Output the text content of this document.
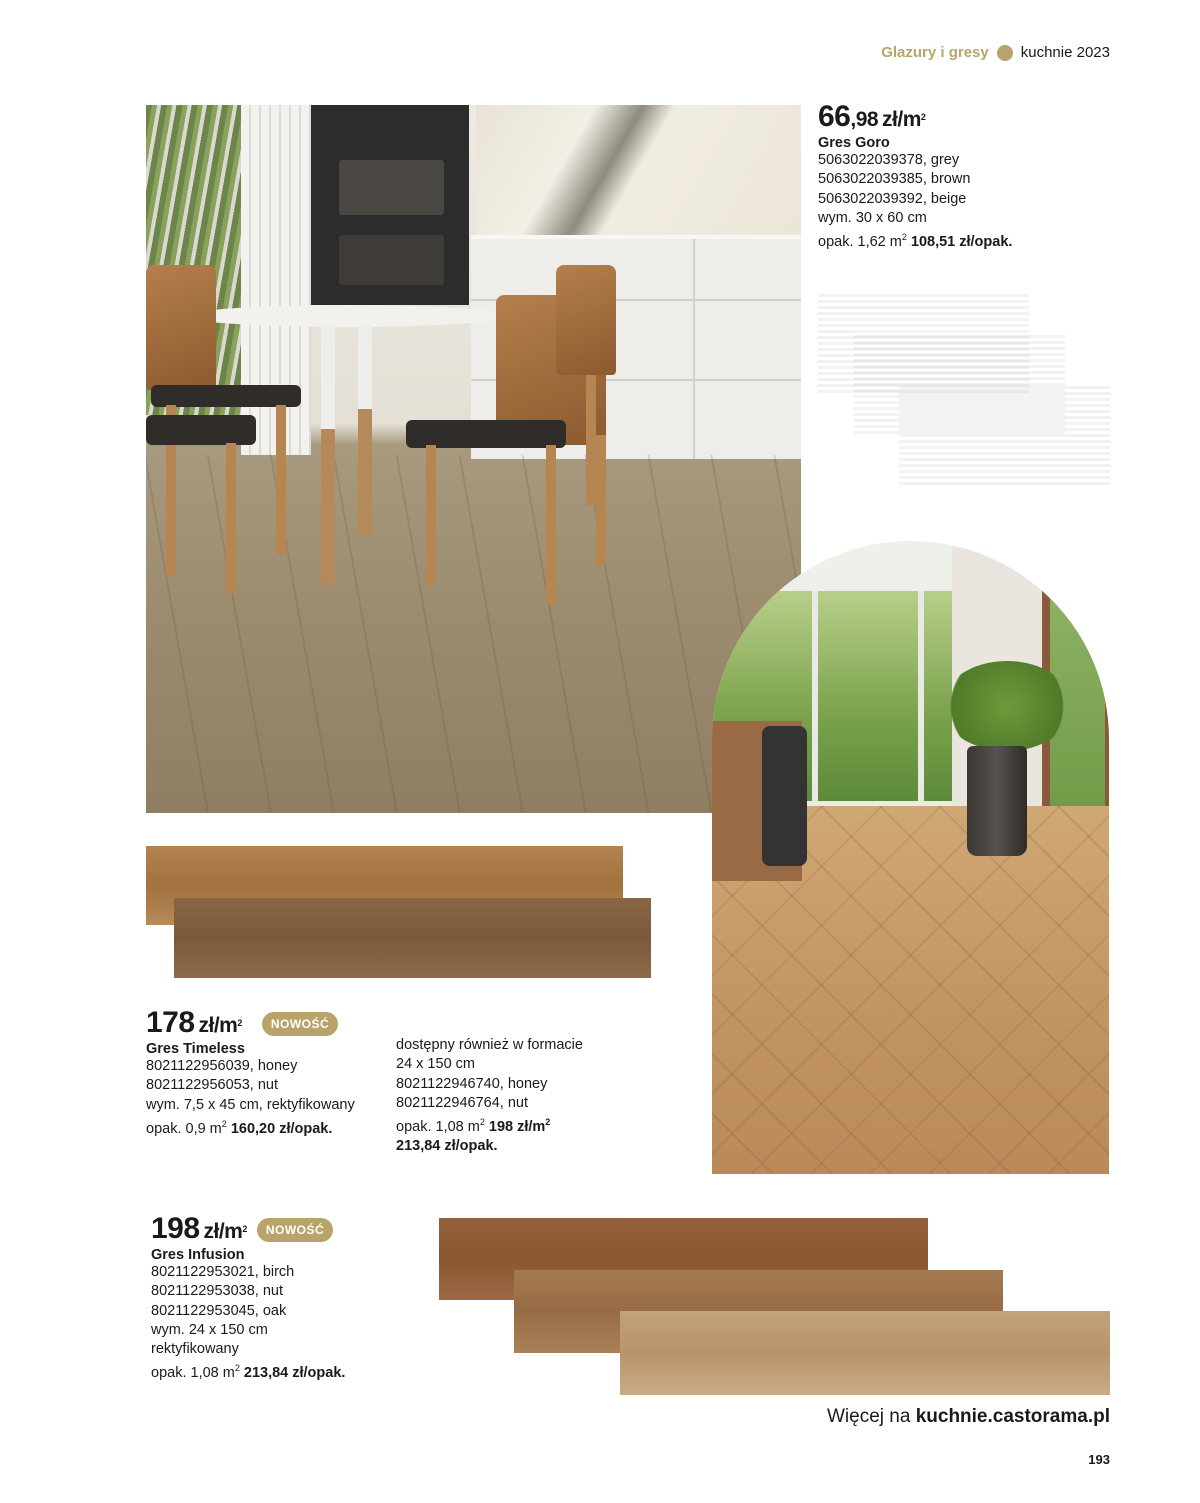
Glazury i gresy kuchnie 2023
66,98 $zł/m^2$
Gres Goro
5063022039378, grey
5063022039385, brown
5063022039392, beige
wym. 30 x 60 cm
opak. 1,62 $m^2$ 108,51 zł/opak.
178 $zł/m^2$ NOWOŚĆ
Gres Timeless
8021122956039, honey
8021122956053, nut
wym. 7,5 x 45 cm, rektyfikowany
opak. 0,9 $m^2$ 160,20 zł/opak.
dostępny również w formacie
24 x 150 cm
8021122946740, honey
8021122946764, nut
opak. 1,08 $m^2$ 198 $zł/m^2$
213,84 zł/opak.
198 $zł/m^2$ NOWOŚĆ
Gres Infusion
8021122953021, birch
8021122953038, nut
8021122953045, oak
wym. 24 x 150 cm
rektyfikowany
opak. 1,08 $m^2$ 213,84 zł/opak.
Więcej na kuchnie.castorama.pl
193
